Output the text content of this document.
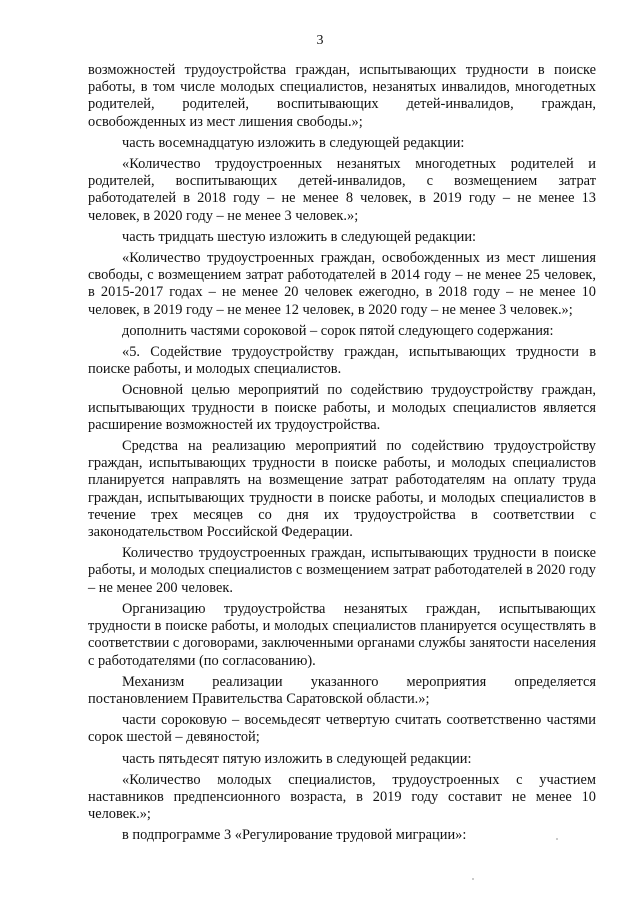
3

возможностей трудоустройства граждан, испытывающих трудности в поиске работы, в том числе молодых специалистов, незанятых инвалидов, многодетных родителей, родителей, воспитывающих детей-инвалидов, граждан, освобожденных из мест лишения свободы.»;

часть восемнадцатую изложить в следующей редакции:

«Количество трудоустроенных незанятых многодетных родителей и родителей, воспитывающих детей-инвалидов, с возмещением затрат работодателей в 2018 году – не менее 8 человек, в 2019 году – не менее 13 человек, в 2020 году – не менее 3 человек.»;

часть тридцать шестую изложить в следующей редакции:

«Количество трудоустроенных граждан, освобожденных из мест лишения свободы, с возмещением затрат работодателей в 2014 году – не менее 25 человек, в 2015-2017 годах – не менее 20 человек ежегодно, в 2018 году – не менее 10 человек, в 2019 году – не менее 12 человек, в 2020 году – не менее 3 человек.»;

дополнить частями сороковой – сорок пятой следующего содержания:

«5. Содействие трудоустройству граждан, испытывающих трудности в поиске работы, и молодых специалистов.

Основной целью мероприятий по содействию трудоустройству граждан, испытывающих трудности в поиске работы, и молодых специалистов является расширение возможностей их трудоустройства.

Средства на реализацию мероприятий по содействию трудоустройству граждан, испытывающих трудности в поиске работы, и молодых специалистов планируется направлять на возмещение затрат работодателям на оплату труда граждан, испытывающих трудности в поиске работы, и молодых специалистов в течение трех месяцев со дня их трудоустройства в соответствии с законодательством Российской Федерации.

Количество трудоустроенных граждан, испытывающих трудности в поиске работы, и молодых специалистов с возмещением затрат работодателей в 2020 году – не менее 200 человек.

Организацию трудоустройства незанятых граждан, испытывающих трудности в поиске работы, и молодых специалистов планируется осуществлять в соответствии с договорами, заключенными органами службы занятости населения с работодателями (по согласованию).

Механизм реализации указанного мероприятия определяется постановлением Правительства Саратовской области.»;

части сороковую – восемьдесят четвертую считать соответственно частями сорок шестой – девяностой;

часть пятьдесят пятую изложить в следующей редакции:

«Количество молодых специалистов, трудоустроенных с участием наставников предпенсионного возраста, в 2019 году составит не менее 10 человек.»;

в подпрограмме 3 «Регулирование трудовой миграции»:
